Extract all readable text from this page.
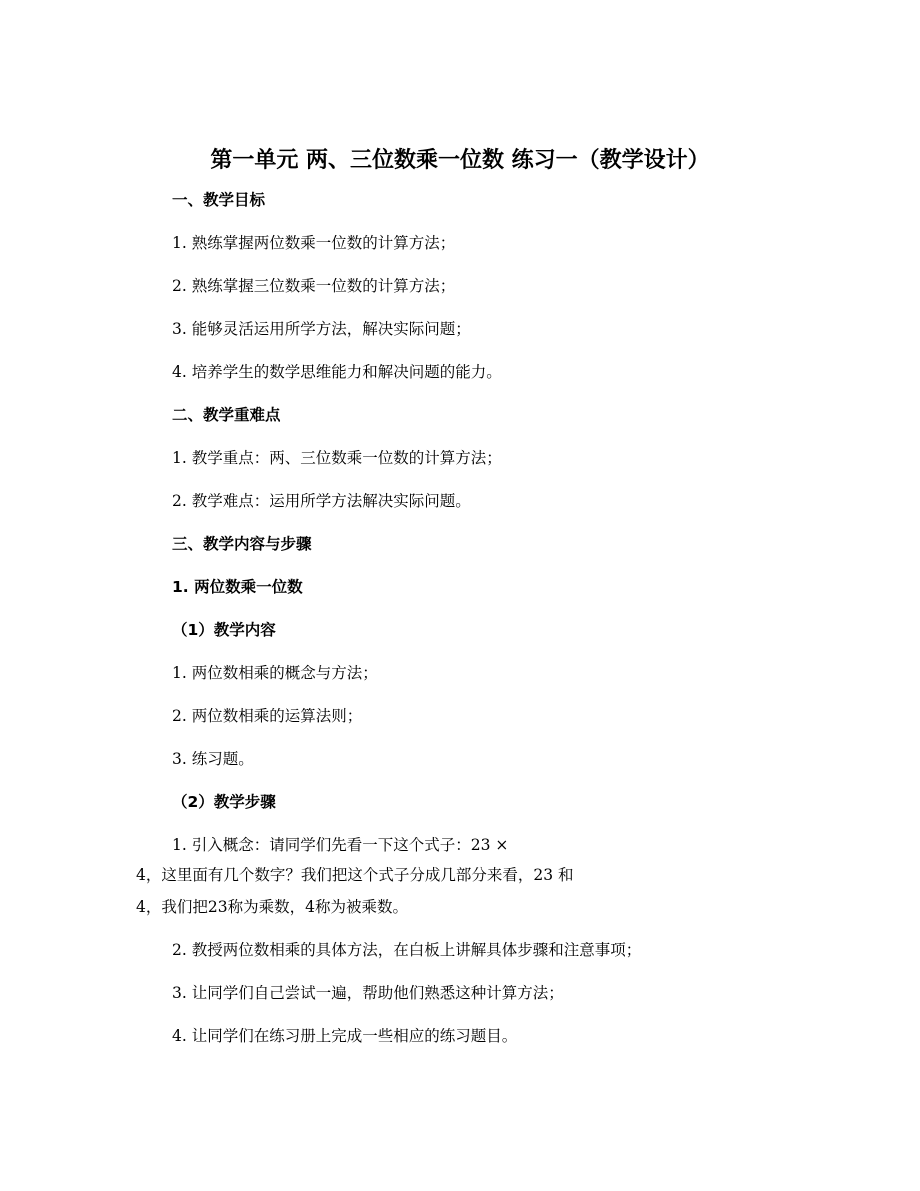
第一单元 两、三位数乘一位数 练习一（教学设计）
一、教学目标
1. 熟练掌握两位数乘一位数的计算方法；
2. 熟练掌握三位数乘一位数的计算方法；
3. 能够灵活运用所学方法，解决实际问题；
4. 培养学生的数学思维能力和解决问题的能力。
二、教学重难点
1. 教学重点：两、三位数乘一位数的计算方法；
2. 教学难点：运用所学方法解决实际问题。
三、教学内容与步骤
1. 两位数乘一位数
（1）教学内容
1. 两位数相乘的概念与方法；
2. 两位数相乘的运算法则；
3. 练习题。
（2）教学步骤
1. 引入概念：请同学们先看一下这个式子：23 ×
4，这里面有几个数字？我们把这个式子分成几部分来看，23 和
4，我们把23称为乘数，4称为被乘数。
2. 教授两位数相乘的具体方法，在白板上讲解具体步骤和注意事项；
3. 让同学们自己尝试一遍，帮助他们熟悉这种计算方法；
4. 让同学们在练习册上完成一些相应的练习题目。
